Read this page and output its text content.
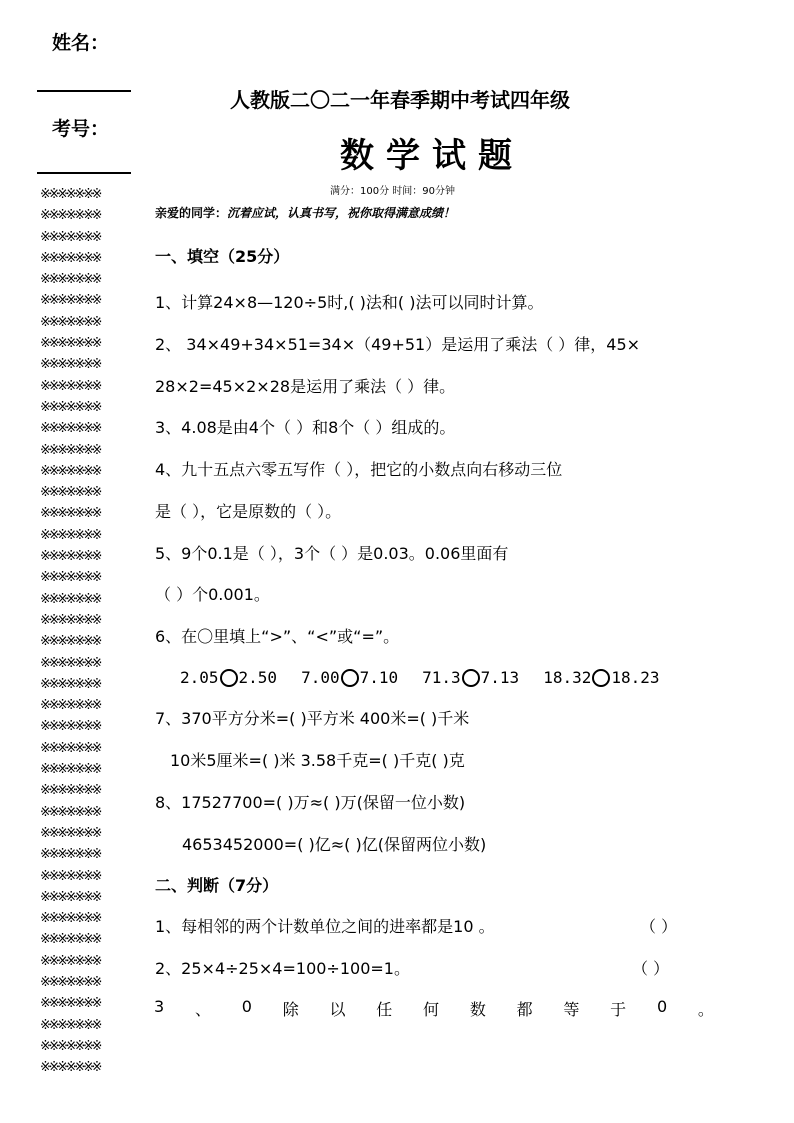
姓名：
考号：
※※※※※※※
※※※※※※※
※※※※※※※
※※※※※※※
※※※※※※※
※※※※※※※
※※※※※※※
※※※※※※※
※※※※※※※
※※※※※※※
※※※※※※※
※※※※※※※
※※※※※※※
※※※※※※※
※※※※※※※
※※※※※※※
※※※※※※※
※※※※※※※
※※※※※※※
※※※※※※※
※※※※※※※
※※※※※※※
※※※※※※※
※※※※※※※
※※※※※※※
※※※※※※※
※※※※※※※
※※※※※※※
※※※※※※※
※※※※※※※
※※※※※※※
※※※※※※※
※※※※※※※
※※※※※※※
※※※※※※※
※※※※※※※
※※※※※※※
※※※※※※※
※※※※※※※
※※※※※※※
※※※※※※※
※※※※※※※
人教版二〇二一年春季期中考试四年级
数学试题
满分：100分 时间：90分钟
亲爱的同学：沉着应试，认真书写，祝你取得满意成绩！
一、填空（25分）
1、计算24×8—120÷5时,( )法和( )法可以同时计算。
2、 34×49+34×51=34×（49+51）是运用了乘法（ ）律，45×
28×2=45×2×28是运用了乘法（ ）律。
3、4.08是由4个（ ）和8个（ ）组成的。
4、九十五点六零五写作（ ），把它的小数点向右移动三位
是（ ），它是原数的（ ）。
5、9个0.1是（ ），3个（ ）是0.03。0.06里面有
（ ）个0.001。
6、在〇里填上“>”、“<”或“=”。
2.05 2.50 7.00 7.10 71.3 7.13 18.32 18.23
7、370平方分米=( )平方米 400米=( )千米
10米5厘米=( )米 3.58千克=( )千克( )克
8、17527700=( )万≈( )万(保留一位小数)
4653452000=( )亿≈( )亿(保留两位小数)
二、判断（7分）
1、每相邻的两个计数单位之间的进率都是10 。	（ ）
2、25×4÷25×4=100÷100=1。	（ ）
3 、 0 除 以 任 何 数 都 等 于 0 。
